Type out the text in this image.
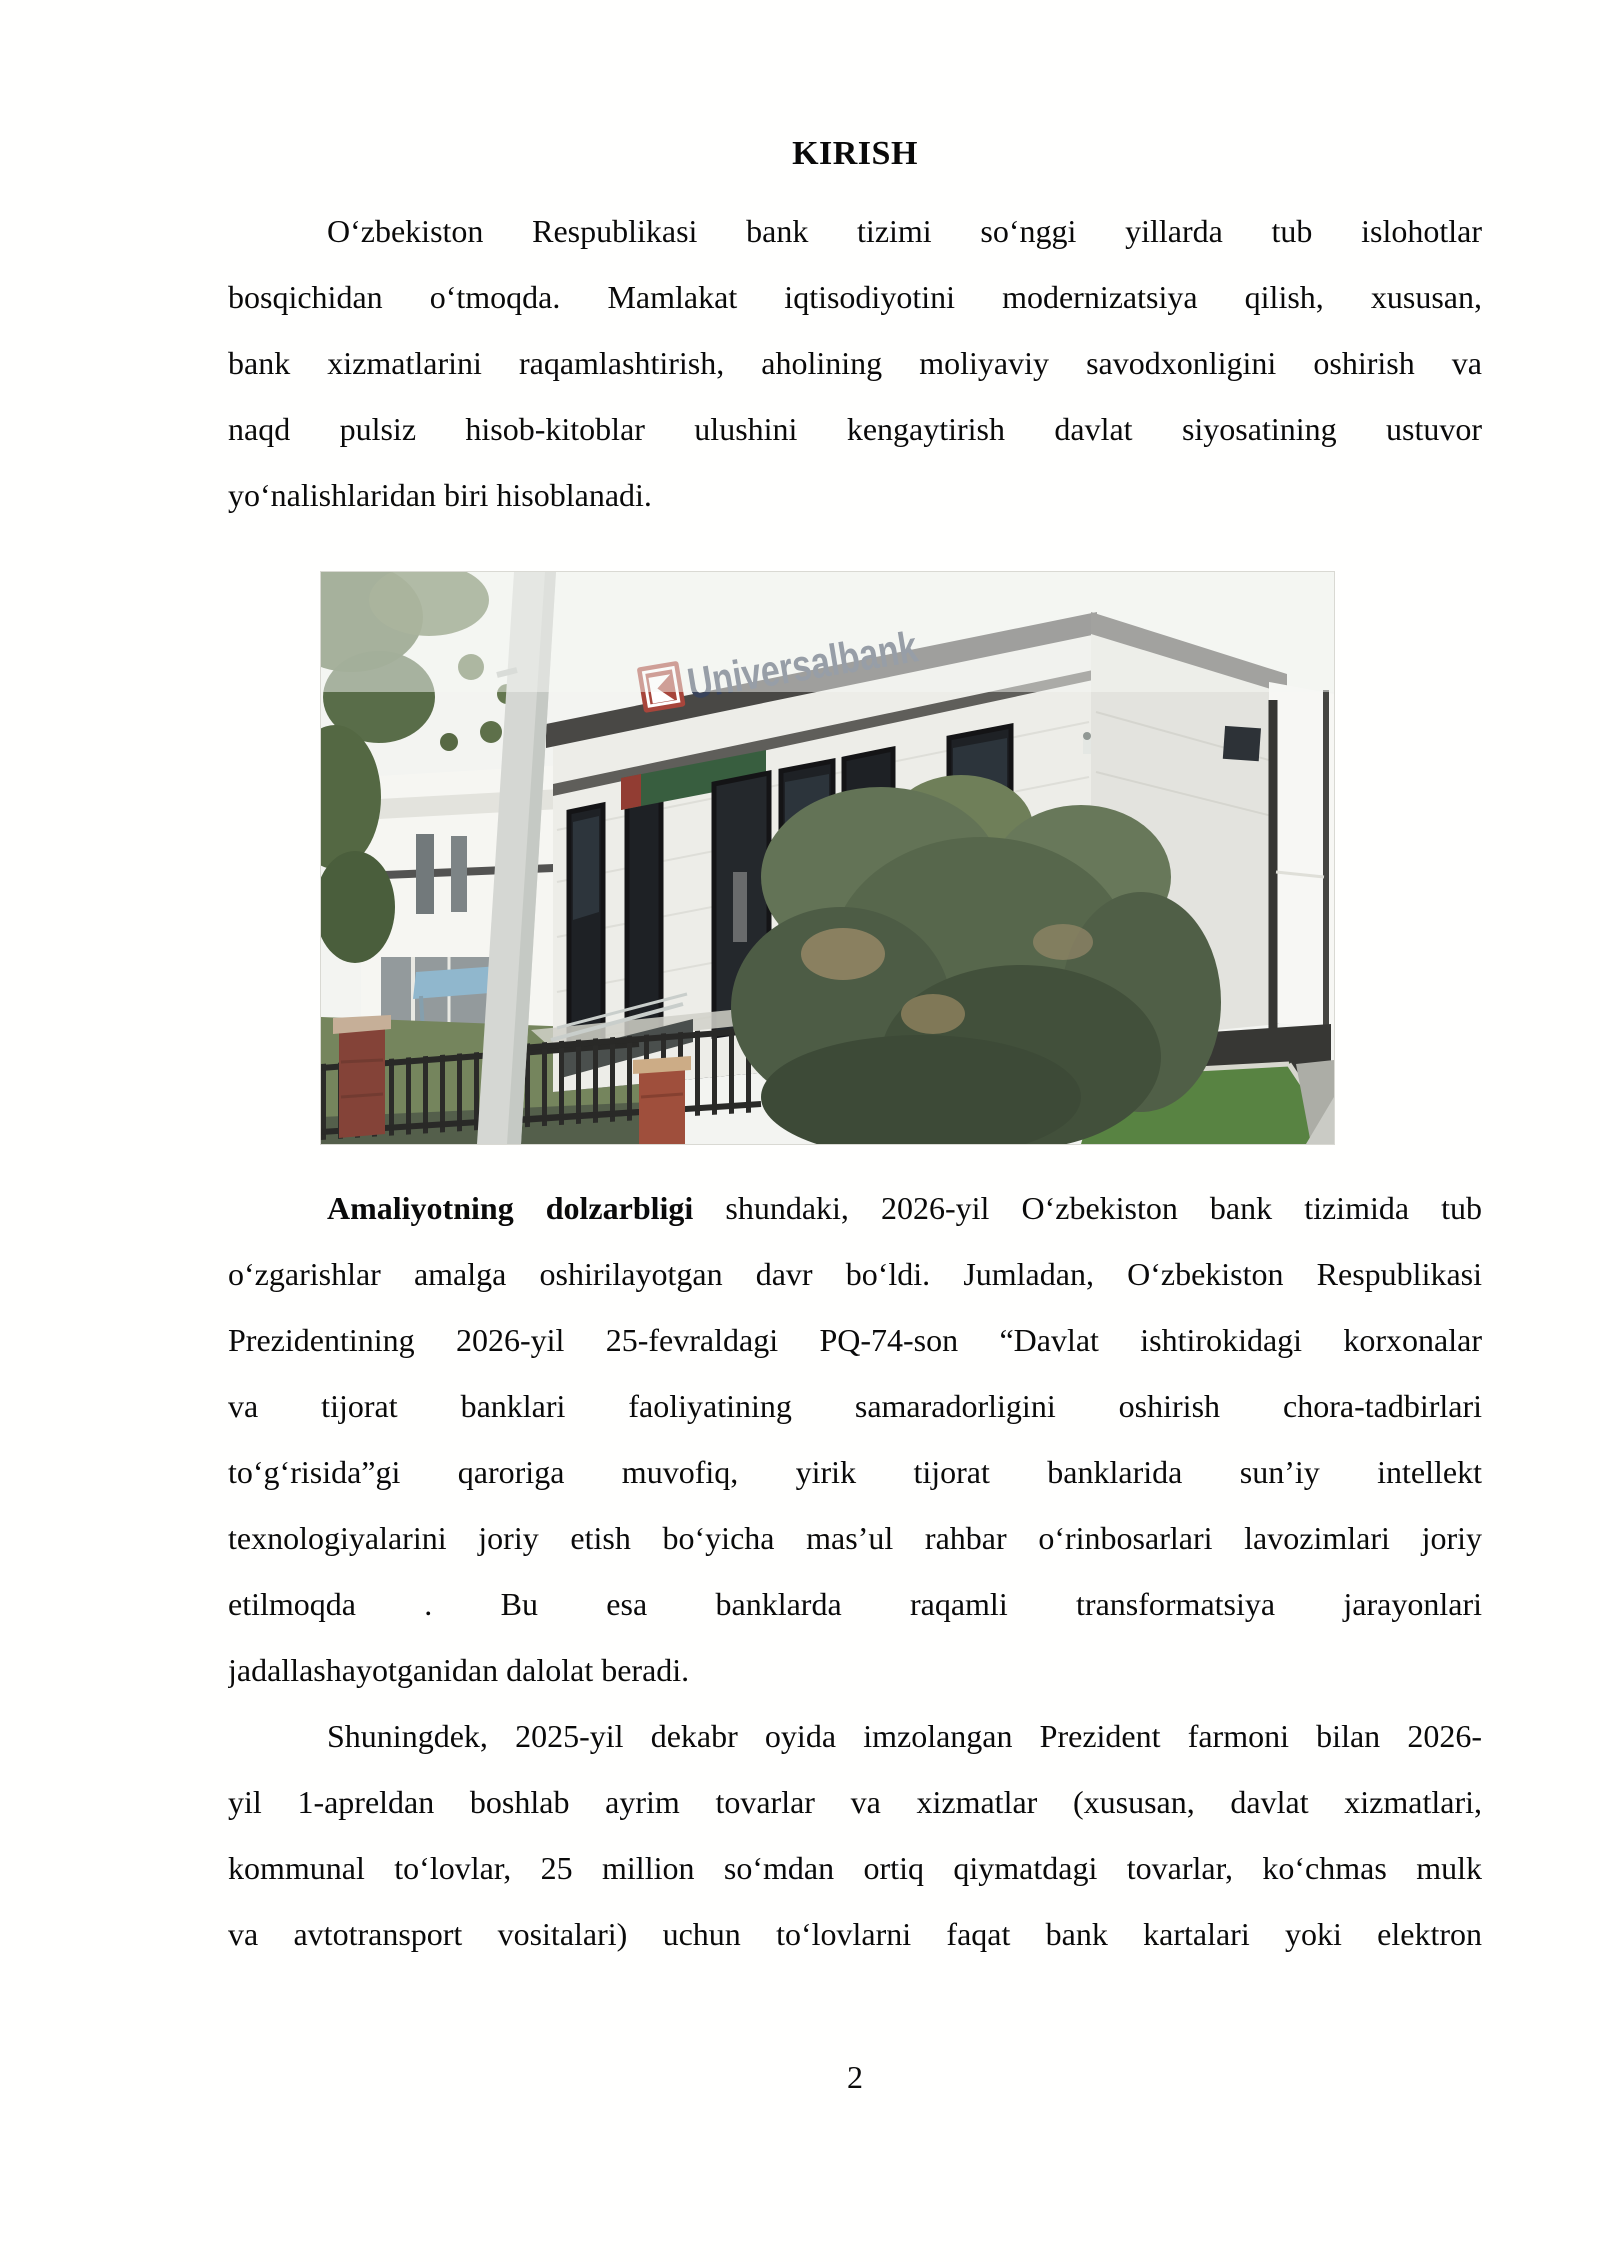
KIRISH
O‘zbekiston Respublikasi bank tizimi so‘nggi yillarda tub islohotlar
bosqichidan o‘tmoqda. Mamlakat iqtisodiyotini modernizatsiya qilish, xususan,
bank xizmatlarini raqamlashtirish, aholining moliyaviy savodxonligini oshirish va
naqd pulsiz hisob-kitoblar ulushini kengaytirish davlat siyosatining ustuvor
yo‘nalishlaridan biri hisoblanadi.
Amaliyotning dolzarbligi shundaki, 2026-yil O‘zbekiston bank tizimida tub
o‘zgarishlar amalga oshirilayotgan davr bo‘ldi. Jumladan, O‘zbekiston Respublikasi
Prezidentining 2026-yil 25-fevraldagi PQ-74-son “Davlat ishtirokidagi korxonalar
va tijorat banklari faoliyatining samaradorligini oshirish chora-tadbirlari
to‘g‘risida”gi qaroriga muvofiq, yirik tijorat banklarida sun’iy intellekt
texnologiyalarini joriy etish bo‘yicha mas’ul rahbar o‘rinbosarlari lavozimlari joriy
etilmoqda . Bu esa banklarda raqamli transformatsiya jarayonlari
jadallashayotganidan dalolat beradi.
Shuningdek, 2025-yil dekabr oyida imzolangan Prezident farmoni bilan 2026-
yil 1-apreldan boshlab ayrim tovarlar va xizmatlar (xususan, davlat xizmatlari,
kommunal to‘lovlar, 25 million so‘mdan ortiq qiymatdagi tovarlar, ko‘chmas mulk
va avtotransport vositalari) uchun to‘lovlarni faqat bank kartalari yoki elektron
2
